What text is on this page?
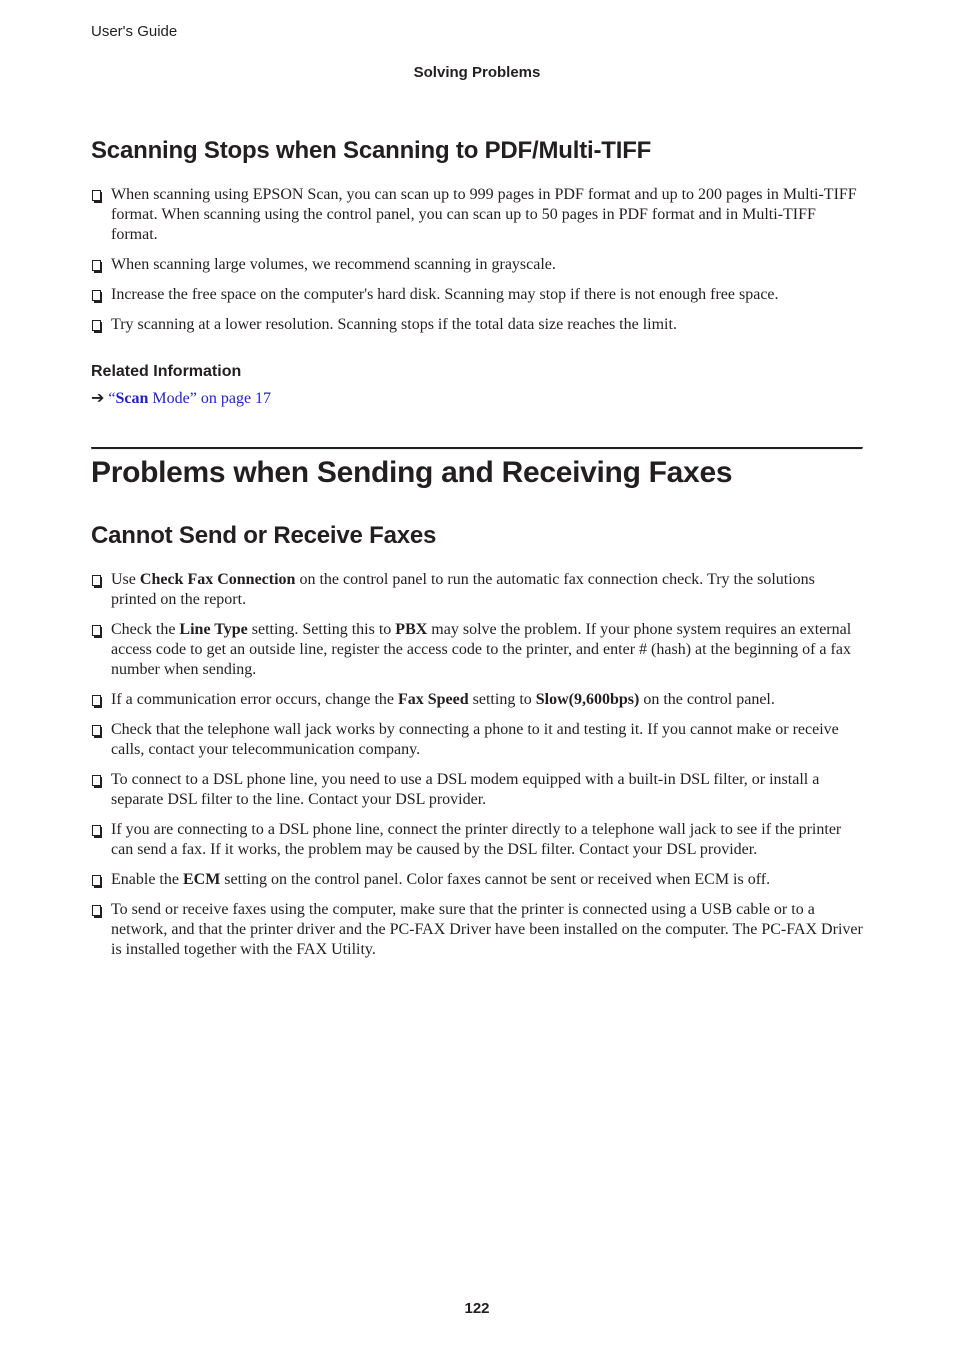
User's Guide
Solving Problems
Scanning Stops when Scanning to PDF/Multi-TIFF
When scanning using EPSON Scan, you can scan up to 999 pages in PDF format and up to 200 pages in Multi-TIFF format. When scanning using the control panel, you can scan up to 50 pages in PDF format and in Multi-TIFF format.
When scanning large volumes, we recommend scanning in grayscale.
Increase the free space on the computer's hard disk. Scanning may stop if there is not enough free space.
Try scanning at a lower resolution. Scanning stops if the total data size reaches the limit.

Related Information

➔ “Scan Mode” on page 17
Problems when Sending and Receiving Faxes
Cannot Send or Receive Faxes
Use Check Fax Connection on the control panel to run the automatic fax connection check. Try the solutions printed on the report.
Check the Line Type setting. Setting this to PBX may solve the problem. If your phone system requires an external access code to get an outside line, register the access code to the printer, and enter # (hash) at the beginning of a fax number when sending.
If a communication error occurs, change the Fax Speed setting to Slow(9,600bps) on the control panel.
Check that the telephone wall jack works by connecting a phone to it and testing it. If you cannot make or receive calls, contact your telecommunication company.
To connect to a DSL phone line, you need to use a DSL modem equipped with a built-in DSL filter, or install a separate DSL filter to the line. Contact your DSL provider.
If you are connecting to a DSL phone line, connect the printer directly to a telephone wall jack to see if the printer can send a fax. If it works, the problem may be caused by the DSL filter. Contact your DSL provider.
Enable the ECM setting on the control panel. Color faxes cannot be sent or received when ECM is off.
To send or receive faxes using the computer, make sure that the printer is connected using a USB cable or to a network, and that the printer driver and the PC-FAX Driver have been installed on the computer. The PC-FAX Driver is installed together with the FAX Utility.
122
